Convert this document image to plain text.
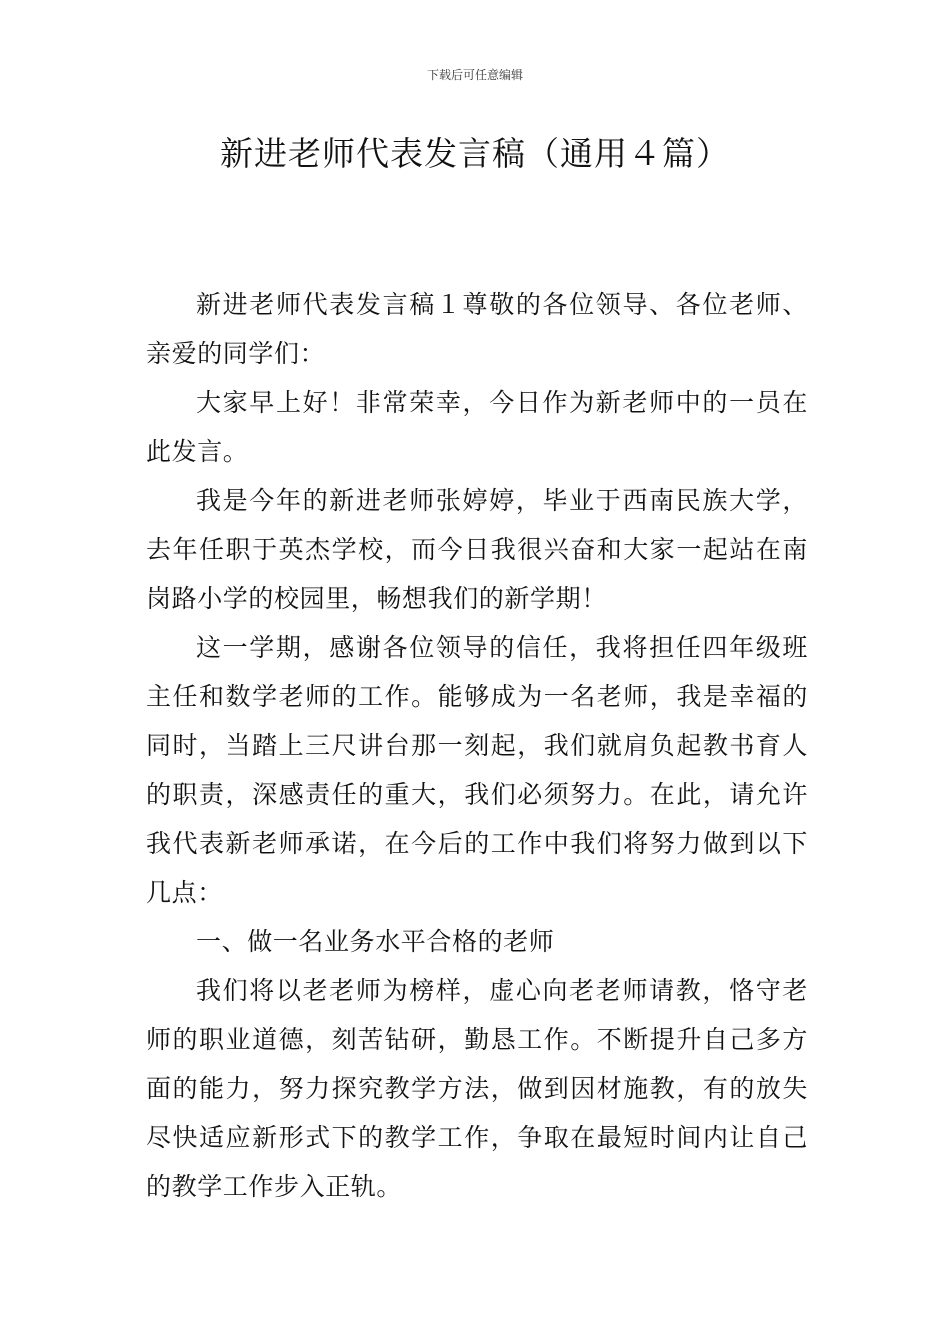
下载后可任意编辑
新进老师代表发言稿（通用４篇）

新进老师代表发言稿１尊敬的各位领导、各位老师、亲爱的同学们：

大家早上好！非常荣幸，今日作为新老师中的一员在此发言。

我是今年的新进老师张婷婷，毕业于西南民族大学，去年任职于英杰学校，而今日我很兴奋和大家一起站在南岗路小学的校园里，畅想我们的新学期！

这一学期，感谢各位领导的信任，我将担任四年级班主任和数学老师的工作。能够成为一名老师，我是幸福的同时，当踏上三尺讲台那一刻起，我们就肩负起教书育人的职责，深感责任的重大，我们必须努力。在此，请允许我代表新老师承诺，在今后的工作中我们将努力做到以下几点：

一、做一名业务水平合格的老师

我们将以老老师为榜样，虚心向老老师请教，恪守老师的职业道德，刻苦钻研，勤恳工作。不断提升自己多方面的能力，努力探究教学方法，做到因材施教，有的放失尽快适应新形式下的教学工作，争取在最短时间内让自己的教学工作步入正轨。
